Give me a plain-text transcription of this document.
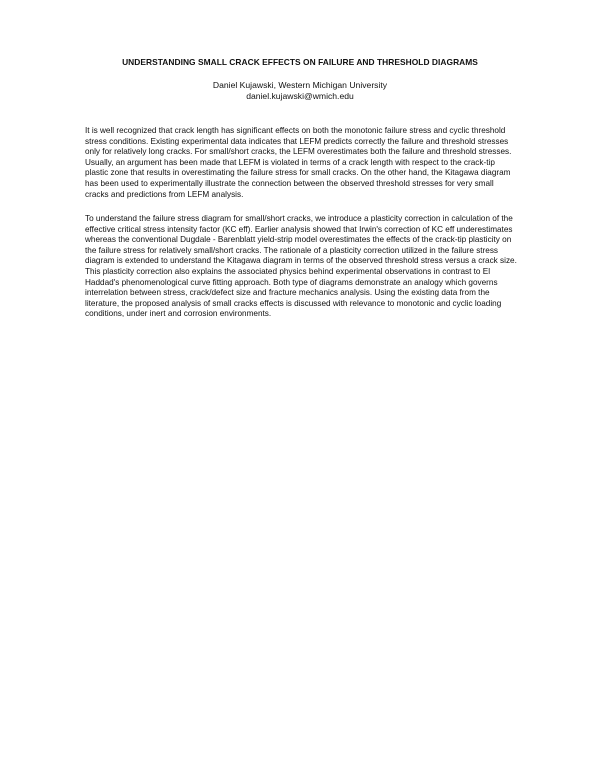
UNDERSTANDING SMALL CRACK EFFECTS ON FAILURE AND THRESHOLD DIAGRAMS
Daniel Kujawski, Western Michigan University
daniel.kujawski@wmich.edu

It is well recognized that crack length has significant effects on both the monotonic failure stress and cyclic threshold stress conditions. Existing experimental data indicates that LEFM predicts correctly the failure and threshold stresses only for relatively long cracks. For small/short cracks, the LEFM overestimates both the failure and threshold stresses. Usually, an argument has been made that LEFM is violated in terms of a crack length with respect to the crack-tip plastic zone that results in overestimating the failure stress for small cracks. On the other hand, the Kitagawa diagram has been used to experimentally illustrate the connection between the observed threshold stresses for very small cracks and predictions from LEFM analysis.

To understand the failure stress diagram for small/short cracks, we introduce a plasticity correction in calculation of the effective critical stress intensity factor (KC eff). Earlier analysis showed that Irwin's correction of KC eff underestimates whereas the conventional Dugdale - Barenblatt yield-strip model overestimates the effects of the crack-tip plasticity on the failure stress for relatively small/short cracks. The rationale of a plasticity correction utilized in the failure stress diagram is extended to understand the Kitagawa diagram in terms of the observed threshold stress versus a crack size. This plasticity correction also explains the associated physics behind experimental observations in contrast to El Haddad's phenomenological curve fitting approach. Both type of diagrams demonstrate an analogy which governs interrelation between stress, crack/defect size and fracture mechanics analysis. Using the existing data from the literature, the proposed analysis of small cracks effects is discussed with relevance to monotonic and cyclic loading conditions, under inert and corrosion environments.
